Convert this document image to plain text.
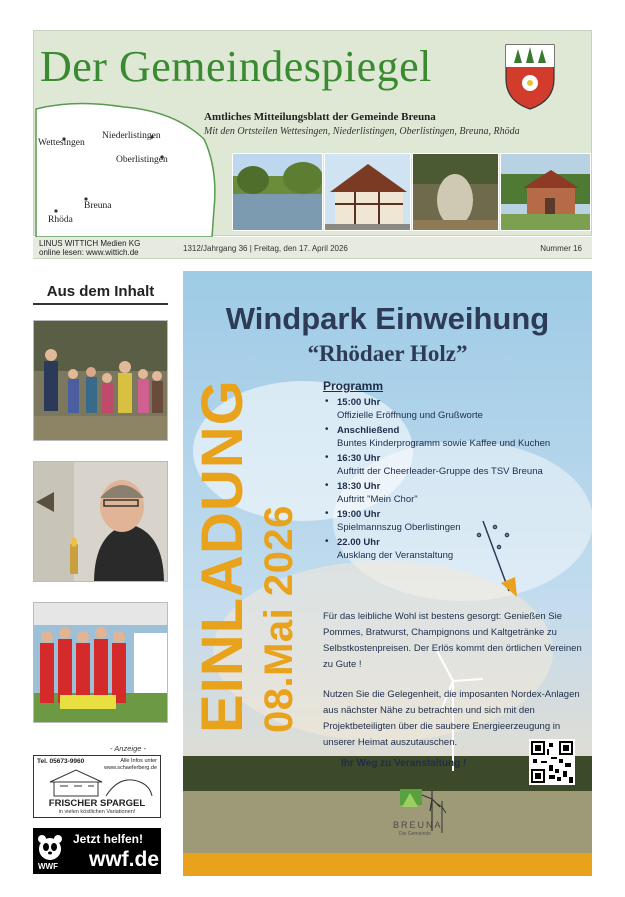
Der Gemeindespiegel
Amtliches Mitteilungsblatt der Gemeinde Breuna
Mit den Ortsteilen Wettesingen, Niederlistingen, Oberlistingen, Breuna, Rhöda
Wettesingen
Niederlistingen
Oberlistingen
Breuna
Rhöda
LINUS WITTICH Medien KG
online lesen: www.wittich.de	1312/Jahrgang 36 | Freitag, den 17. April 2026	Nummer 16
Aus dem Inhalt
- Anzeige -
Tel. 05673-9960	Alle Infos unter
www.schaeferberg.de
FRISCHER SPARGEL
in vielen köstlichen Variationen!
WWF
Jetzt helfen!
wwf.de
Windpark Einweihung
“Rhödaer Holz”
EINLADUNG 08.Mai 2026
Programm
• 15:00 Uhr
Offizielle Eröffnung und Grußworte
• Anschließend
Buntes Kinderprogramm sowie Kaffee und Kuchen
• 16:30 Uhr
Auftritt der Cheerleader-Gruppe des TSV Breuna
• 18:30 Uhr
Auftritt "Mein Chor"
• 19:00 Uhr
Spielmannszug Oberlistingen
• 22.00 Uhr
Ausklang der Veranstaltung
Für das leibliche Wohl ist bestens gesorgt: Genießen Sie Pommes, Bratwurst, Champignons und Kaltgetränke zu Selbstkostenpreisen. Der Erlös kommt den örtlichen Vereinen zu Gute !
Nutzen Sie die Gelegenheit, die imposanten Nordex-Anlagen aus nächster Nähe zu betrachten und sich mit den Projektbeteiligten über die saubere Energieerzeugung in unserer Heimat auszutauschen.
Ihr Weg zu Veranstaltung !
BREUNA
Die Gemeinde
